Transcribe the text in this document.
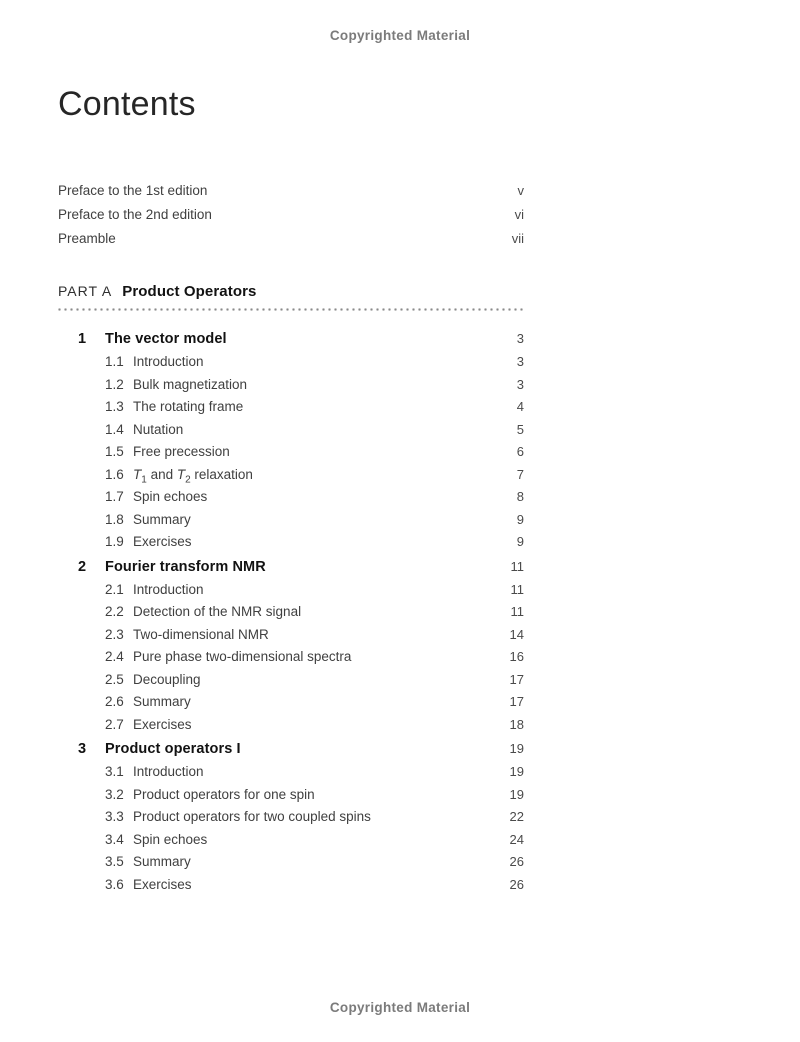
Copyrighted Material
Contents
Preface to the 1st edition	v
Preface to the 2nd edition	vi
Preamble	vii
PART A Product Operators
1	The vector model	3
1.1 Introduction	3
1.2 Bulk magnetization	3
1.3 The rotating frame	4
1.4 Nutation	5
1.5 Free precession	6
1.6 $T_1$ and $T_2$ relaxation	7
1.7 Spin echoes	8
1.8 Summary	9
1.9 Exercises	9
2	Fourier transform NMR	11
2.1 Introduction	11
2.2 Detection of the NMR signal	11
2.3 Two-dimensional NMR	14
2.4 Pure phase two-dimensional spectra	16
2.5 Decoupling	17
2.6 Summary	17
2.7 Exercises	18
3	Product operators I	19
3.1 Introduction	19
3.2 Product operators for one spin	19
3.3 Product operators for two coupled spins	22
3.4 Spin echoes	24
3.5 Summary	26
3.6 Exercises	26
Copyrighted Material
